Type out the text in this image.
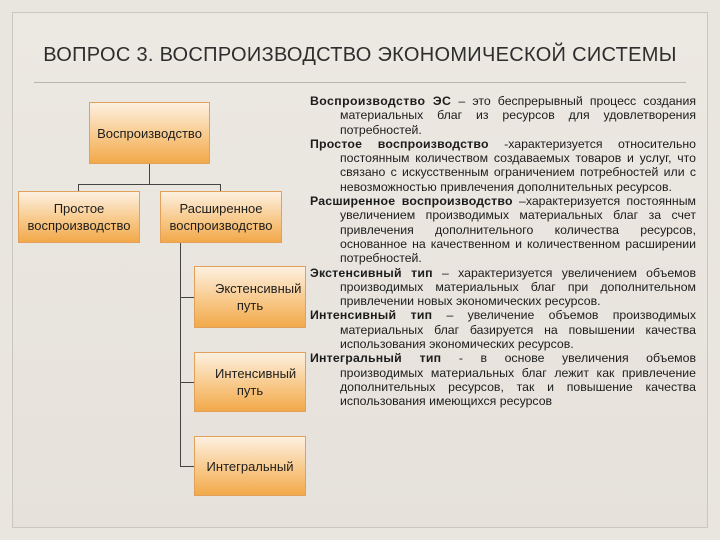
ВОПРОС 3. ВОСПРОИЗВОДСТВО ЭКОНОМИЧЕСКОЙ СИСТЕМЫ
Воспроизводство
Простое воспроизводство
Расширенное воспроизводство
Экстенсивный путь
Интенсивный путь
Интегральный

Воспроизводство ЭС – это беспрерывный процесс создания материальных благ из ресурсов для удовлетворения потребностей.

Простое воспроизводство -характеризуется относительно постоянным количеством создаваемых товаров и услуг, что связано с искусственным ограничением потребностей или с невозможностью привлечения дополнительных ресурсов.

Расширенное воспроизводство –характеризуется постоянным увеличением производимых материальных благ за счет привлечения дополнительного количества ресурсов, основанное на качественном и количественном расширении потребностей.

Экстенсивный тип – характеризуется увеличением объемов производимых материальных благ при дополнительном привлечении новых экономических ресурсов.

Интенсивный тип – увеличение объемов производимых материальных благ базируется на повышении качества использования экономических ресурсов.

Интегральный тип - в основе увеличения объемов производимых материальных благ лежит как привлечение дополнительных ресурсов, так и повышение качества использования имеющихся ресурсов
